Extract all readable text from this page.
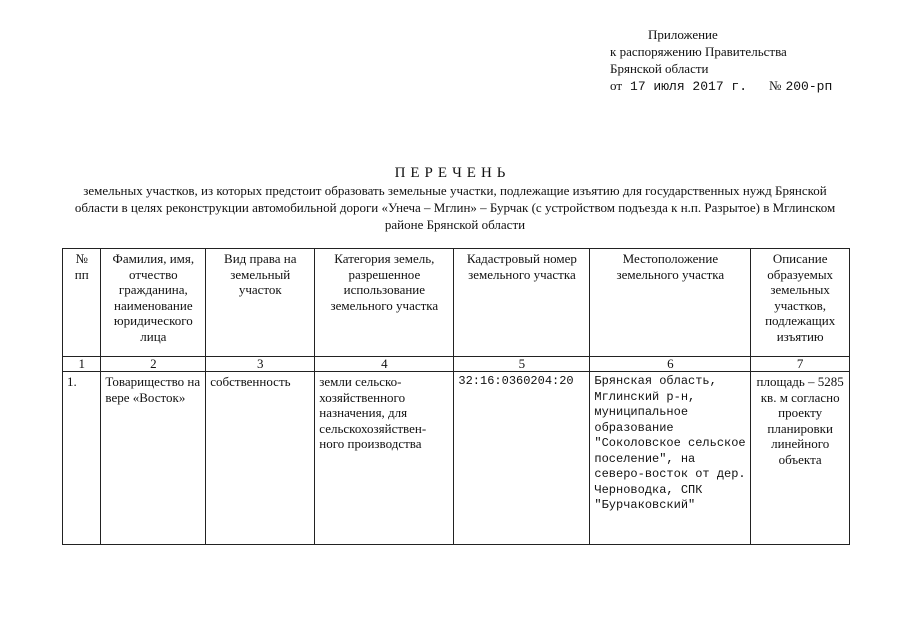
Приложение
к распоряжению Правительства
Брянской области
от 17 июля 2017 г. № 200-рп
ПЕРЕЧЕНЬ
земельных участков, из которых предстоит образовать земельные участки, подлежащие изъятию для государственных нужд Брянской области в целях реконструкции автомобильной дороги «Унеча – Мглин» – Бурчак (с устройством подъезда к н.п. Разрытое) в Мглинском районе Брянской области
№ пп	Фамилия, имя, отчество гражданина, наименование юридического лица	Вид права на земельный участок	Категория земель, разрешенное использование земельного участка	Кадастровый номер земельного участка	Местоположение земельного участка	Описание образуемых земельных участков, подлежащих изъятию
1	2	3	4	5	6	7
1.	Товарищество на вере «Восток»	собственность	земли сельско-хозяйственного назначения, для сельскохозяйствен-ного производства	32:16:0360204:20	Брянская область, Мглинский р-н, муниципальное образование "Соколовское сельское поселение", на северо-восток от дер. Черноводка, СПК "Бурчаковский"	площадь – 5285 кв. м согласно проекту планировки линейного объекта
